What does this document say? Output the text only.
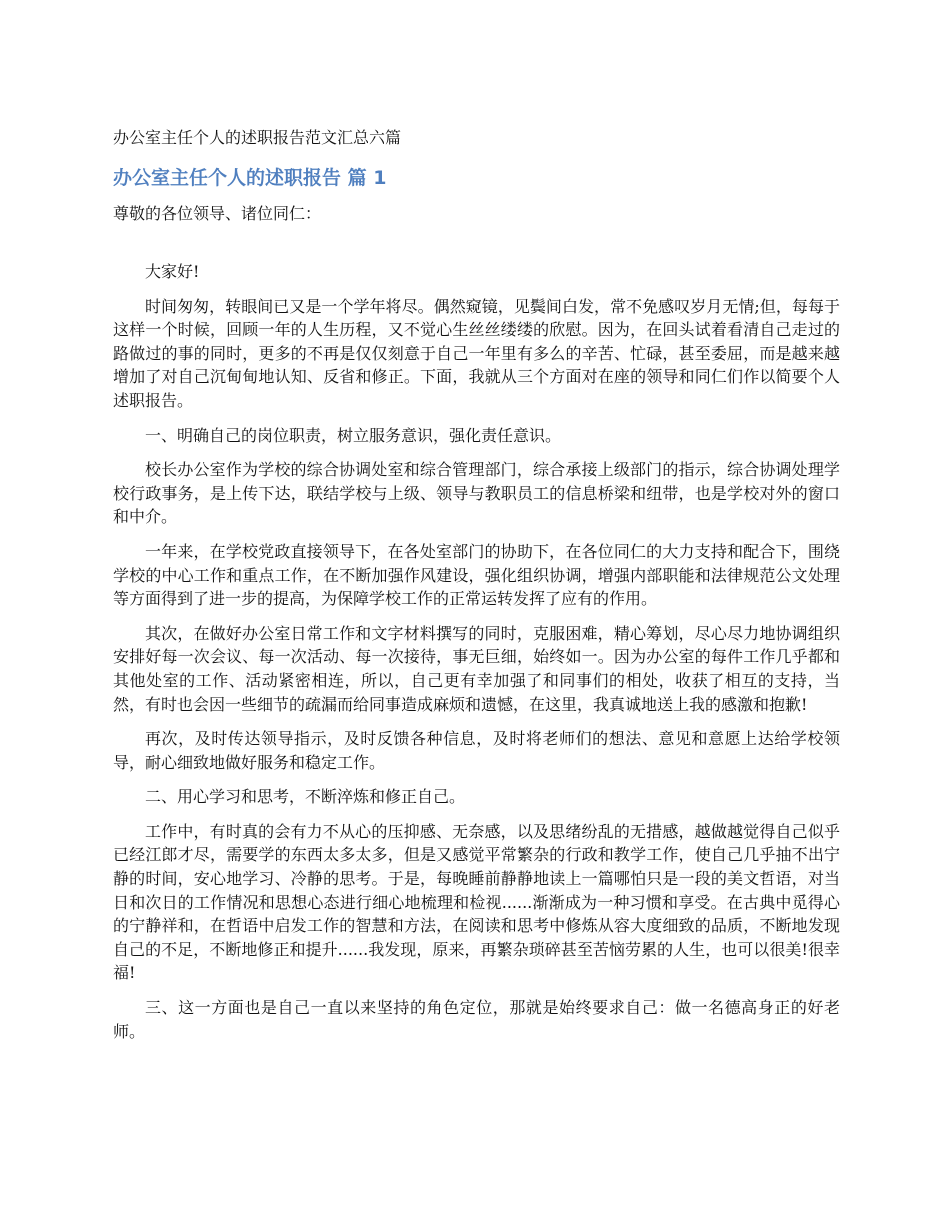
办公室主任个人的述职报告范文汇总六篇
办公室主任个人的述职报告 篇 1
尊敬的各位领导、诸位同仁：

大家好!

时间匆匆，转眼间已又是一个学年将尽。偶然窥镜，见鬓间白发，常不免感叹岁月无情;但，每每于这样一个时候，回顾一年的人生历程，又不觉心生丝丝缕缕的欣慰。因为，在回头试着看清自己走过的路做过的事的同时，更多的不再是仅仅刻意于自己一年里有多么的辛苦、忙碌，甚至委屈，而是越来越增加了对自己沉甸甸地认知、反省和修正。下面，我就从三个方面对在座的领导和同仁们作以简要个人述职报告。

一、明确自己的岗位职责，树立服务意识，强化责任意识。

校长办公室作为学校的综合协调处室和综合管理部门，综合承接上级部门的指示，综合协调处理学校行政事务，是上传下达，联结学校与上级、领导与教职员工的信息桥梁和纽带，也是学校对外的窗口和中介。

一年来，在学校党政直接领导下，在各处室部门的协助下，在各位同仁的大力支持和配合下，围绕学校的中心工作和重点工作，在不断加强作风建设，强化组织协调，增强内部职能和法律规范公文处理等方面得到了进一步的提高，为保障学校工作的正常运转发挥了应有的作用。

其次，在做好办公室日常工作和文字材料撰写的同时，克服困难，精心筹划，尽心尽力地协调组织安排好每一次会议、每一次活动、每一次接待，事无巨细，始终如一。因为办公室的每件工作几乎都和其他处室的工作、活动紧密相连，所以，自己更有幸加强了和同事们的相处，收获了相互的支持，当然，有时也会因一些细节的疏漏而给同事造成麻烦和遗憾，在这里，我真诚地送上我的感激和抱歉!

再次，及时传达领导指示，及时反馈各种信息，及时将老师们的想法、意见和意愿上达给学校领导，耐心细致地做好服务和稳定工作。

二、用心学习和思考，不断淬炼和修正自己。

工作中，有时真的会有力不从心的压抑感、无奈感，以及思绪纷乱的无措感，越做越觉得自己似乎已经江郎才尽，需要学的东西太多太多，但是又感觉平常繁杂的行政和教学工作，使自己几乎抽不出宁静的时间，安心地学习、冷静的思考。于是，每晚睡前静静地读上一篇哪怕只是一段的美文哲语，对当日和次日的工作情况和思想心态进行细心地梳理和检视......渐渐成为一种习惯和享受。在古典中觅得心的宁静祥和，在哲语中启发工作的智慧和方法，在阅读和思考中修炼从容大度细致的品质，不断地发现自己的不足，不断地修正和提升......我发现，原来，再繁杂琐碎甚至苦恼劳累的人生，也可以很美!很幸福!

三、这一方面也是自己一直以来坚持的角色定位，那就是始终要求自己：做一名德高身正的好老师。
